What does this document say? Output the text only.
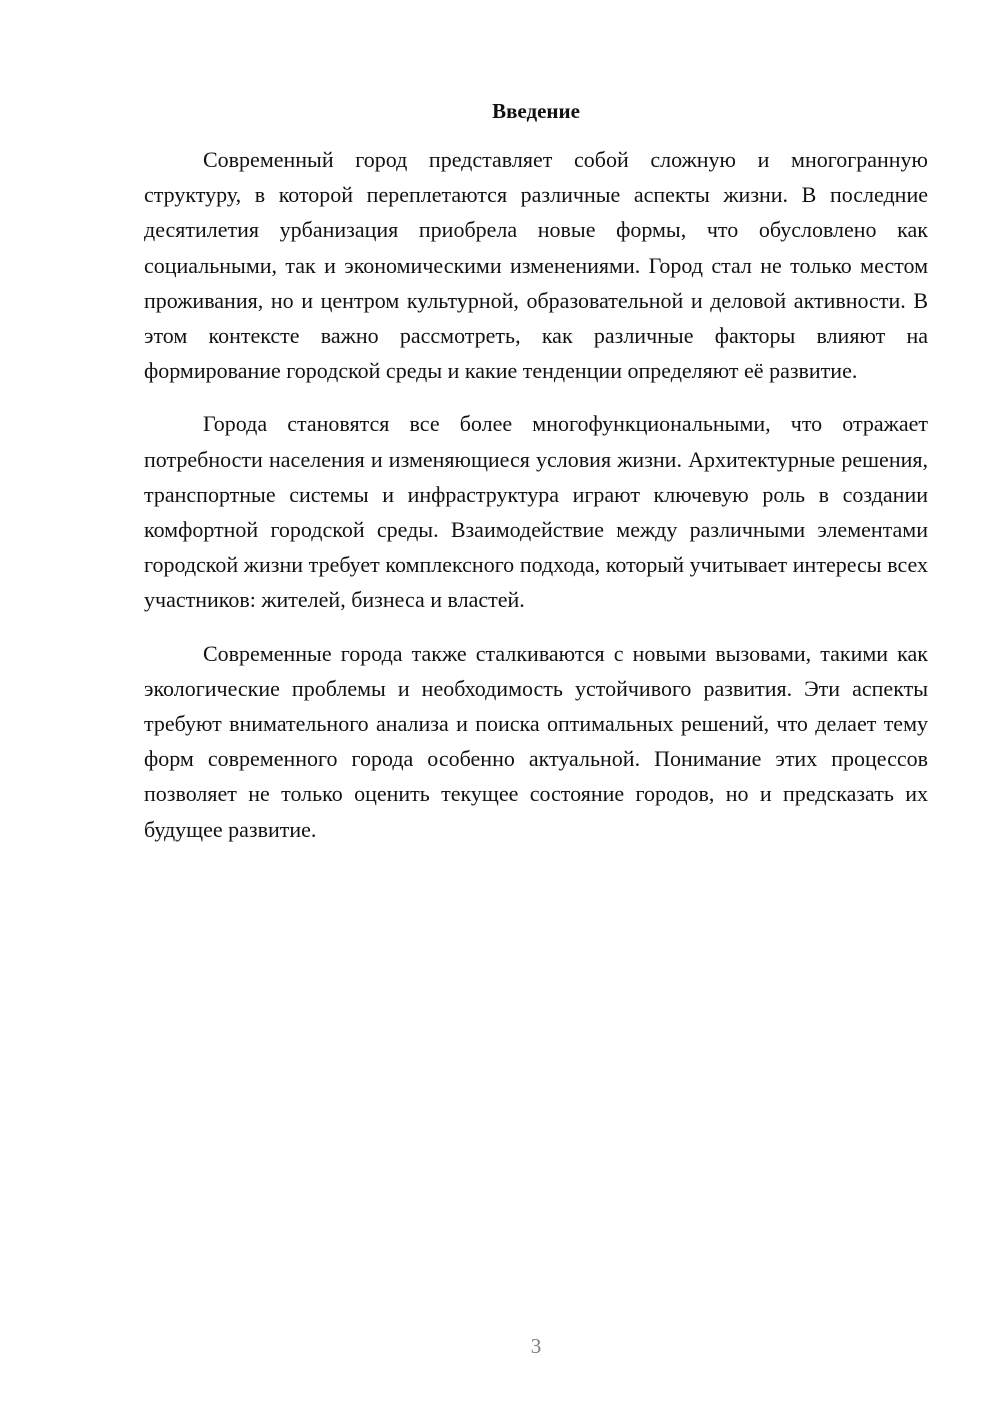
Введение

Современный город представляет собой сложную и многогранную структуру, в которой переплетаются различные аспекты жизни. В последние десятилетия урбанизация приобрела новые формы, что обусловлено как социальными, так и экономическими изменениями. Город стал не только местом проживания, но и центром культурной, образовательной и деловой активности. В этом контексте важно рассмотреть, как различные факторы влияют на формирование городской среды и какие тенденции определяют её развитие.

Города становятся все более многофункциональными, что отражает потребности населения и изменяющиеся условия жизни. Архитектурные решения, транспортные системы и инфраструктура играют ключевую роль в создании комфортной городской среды. Взаимодействие между различными элементами городской жизни требует комплексного подхода, который учитывает интересы всех участников: жителей, бизнеса и властей.

Современные города также сталкиваются с новыми вызовами, такими как экологические проблемы и необходимость устойчивого развития. Эти аспекты требуют внимательного анализа и поиска оптимальных решений, что делает тему форм современного города особенно актуальной. Понимание этих процессов позволяет не только оценить текущее состояние городов, но и предсказать их будущее развитие.

3
